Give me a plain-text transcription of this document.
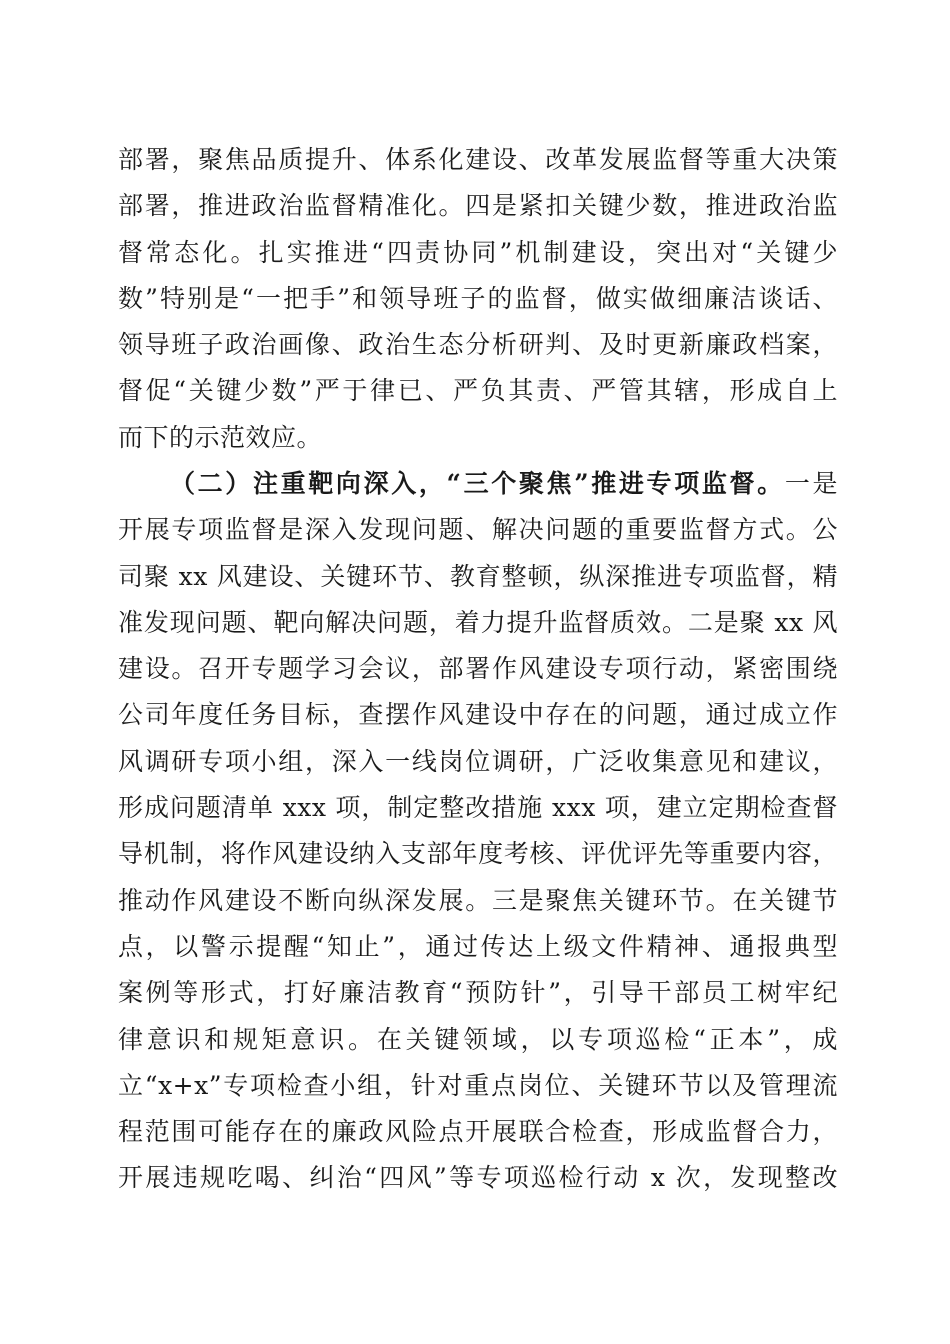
部署，聚焦品质提升、体系化建设、改革发展监督等重大决策
部署，推进政治监督精准化。四是紧扣关键少数，推进政治监
督常态化。扎实推进“四责协同”机制建设，突出对“关键少
数”特别是“一把手”和领导班子的监督，做实做细廉洁谈话、
领导班子政治画像、政治生态分析研判、及时更新廉政档案，
督促“关键少数”严于律已、严负其责、严管其辖，形成自上
而下的示范效应。
（二）注重靶向深入，“三个聚焦”推进专项监督。一是
开展专项监督是深入发现问题、解决问题的重要监督方式。公
司聚 xx 风建设、关键环节、教育整顿，纵深推进专项监督，精
准发现问题、靶向解决问题，着力提升监督质效。二是聚 xx 风
建设。召开专题学习会议，部署作风建设专项行动，紧密围绕
公司年度任务目标，查摆作风建设中存在的问题，通过成立作
风调研专项小组，深入一线岗位调研，广泛收集意见和建议，
形成问题清单 xxx 项，制定整改措施 xxx 项，建立定期检查督
导机制，将作风建设纳入支部年度考核、评优评先等重要内容，
推动作风建设不断向纵深发展。三是聚焦关键环节。在关键节
点，以警示提醒“知止”，通过传达上级文件精神、通报典型
案例等形式，打好廉洁教育“预防针”，引导干部员工树牢纪
律意识和规矩意识。在关键领域，以专项巡检“正本”，成
立“x+x”专项检查小组，针对重点岗位、关键环节以及管理流
程范围可能存在的廉政风险点开展联合检查，形成监督合力，
开展违规吃喝、纠治“四风”等专项巡检行动 x 次，发现整改
